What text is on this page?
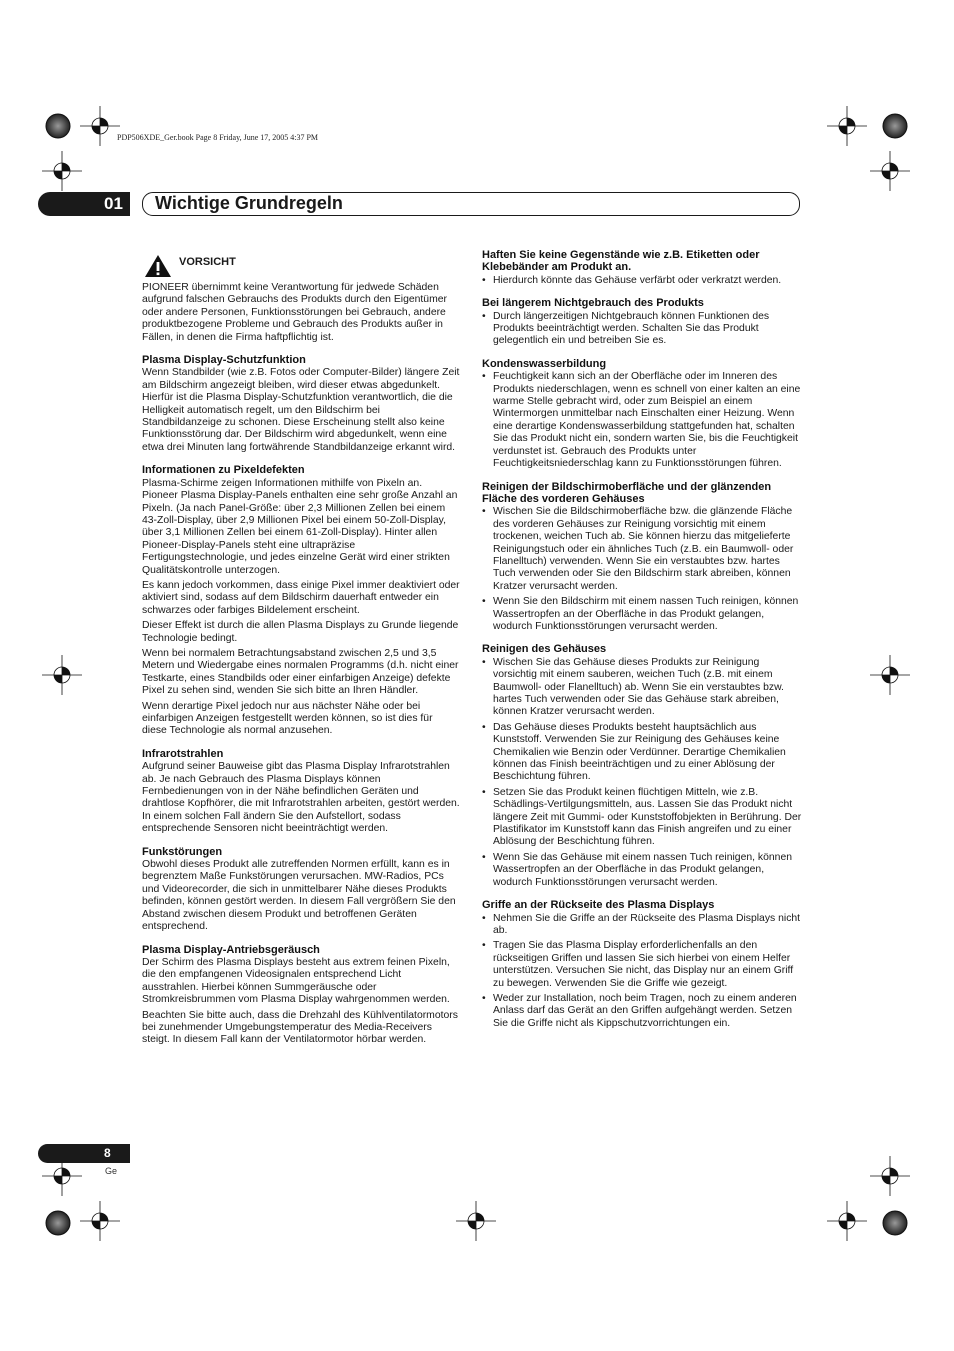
PDP506XDE_Ger.book Page 8 Friday, June 17, 2005 4:37 PM
01 Wichtige Grundregeln
VORSICHT
PIONEER übernimmt keine Verantwortung für jedwede Schäden aufgrund falschen Gebrauchs des Produkts durch den Eigentümer oder andere Personen, Funktionsstörungen bei Gebrauch, andere produktbezogene Probleme und Gebrauch des Produkts außer in Fällen, in denen die Firma haftpflichtig ist.
Plasma Display-Schutzfunktion
Wenn Standbilder (wie z.B. Fotos oder Computer-Bilder) längere Zeit am Bildschirm angezeigt bleiben, wird dieser etwas abgedunkelt. Hierfür ist die Plasma Display-Schutzfunktion verantwortlich, die die Helligkeit automatisch regelt, um den Bildschirm bei Standbildanzeige zu schonen. Diese Erscheinung stellt also keine Funktionsstörung dar. Der Bildschirm wird abgedunkelt, wenn eine etwa drei Minuten lang fortwährende Standbildanzeige erkannt wird.
Informationen zu Pixeldefekten
Plasma-Schirme zeigen Informationen mithilfe von Pixeln an. Pioneer Plasma Display-Panels enthalten eine sehr große Anzahl an Pixeln. (Ja nach Panel-Größe: über 2,3 Millionen Zellen bei einem 43-Zoll-Display, über 2,9 Millionen Pixel bei einem 50-Zoll-Display, über 3,1 Millionen Zellen bei einem 61-Zoll-Display). Hinter allen Pioneer-Display-Panels steht eine ultrapräzise Fertigungstechnologie, und jedes einzelne Gerät wird einer strikten Qualitätskontrolle unterzogen.
Es kann jedoch vorkommen, dass einige Pixel immer deaktiviert oder aktiviert sind, sodass auf dem Bildschirm dauerhaft entweder ein schwarzes oder farbiges Bildelement erscheint.
Dieser Effekt ist durch die allen Plasma Displays zu Grunde liegende Technologie bedingt.
Wenn bei normalem Betrachtungsabstand zwischen 2,5 und 3,5 Metern und Wiedergabe eines normalen Programms (d.h. nicht einer Testkarte, eines Standbilds oder einer einfarbigen Anzeige) defekte Pixel zu sehen sind, wenden Sie sich bitte an Ihren Händler.
Wenn derartige Pixel jedoch nur aus nächster Nähe oder bei einfarbigen Anzeigen festgestellt werden können, so ist dies für diese Technologie als normal anzusehen.
Infrarotstrahlen
Aufgrund seiner Bauweise gibt das Plasma Display Infrarotstrahlen ab. Je nach Gebrauch des Plasma Displays können Fernbedienungen von in der Nähe befindlichen Geräten und drahtlose Kopfhörer, die mit Infrarotstrahlen arbeiten, gestört werden. In einem solchen Fall ändern Sie den Aufstellort, sodass entsprechende Sensoren nicht beeinträchtigt werden.
Funkstörungen
Obwohl dieses Produkt alle zutreffenden Normen erfüllt, kann es in begrenztem Maße Funkstörungen verursachen. MW-Radios, PCs und Videorecorder, die sich in unmittelbarer Nähe dieses Produkts befinden, können gestört werden. In diesem Fall vergrößern Sie den Abstand zwischen diesem Produkt und betroffenen Geräten entsprechend.
Plasma Display-Antriebsgeräusch
Der Schirm des Plasma Displays besteht aus extrem feinen Pixeln, die den empfangenen Videosignalen entsprechend Licht ausstrahlen. Hierbei können Summgeräusche oder Stromkreisbrummen vom Plasma Display wahrgenommen werden.
Beachten Sie bitte auch, dass die Drehzahl des Kühlventilatormotors bei zunehmender Umgebungstemperatur des Media-Receivers steigt. In diesem Fall kann der Ventilatormotor hörbar werden.
Haften Sie keine Gegenstände wie z.B. Etiketten oder Klebebänder am Produkt an.
• Hierdurch könnte das Gehäuse verfärbt oder verkratzt werden.
Bei längerem Nichtgebrauch des Produkts
• Durch längerzeitigen Nichtgebrauch können Funktionen des Produkts beeinträchtigt werden. Schalten Sie das Produkt gelegentlich ein und betreiben Sie es.
Kondenswasserbildung
• Feuchtigkeit kann sich an der Oberfläche oder im Inneren des Produkts niederschlagen, wenn es schnell von einer kalten an eine warme Stelle gebracht wird, oder zum Beispiel an einem Wintermorgen unmittelbar nach Einschalten einer Heizung. Wenn eine derartige Kondenswasserbildung stattgefunden hat, schalten Sie das Produkt nicht ein, sondern warten Sie, bis die Feuchtigkeit verdunstet ist. Gebrauch des Produkts unter Feuchtigkeitsniederschlag kann zu Funktionsstörungen führen.
Reinigen der Bildschirmoberfläche und der glänzenden Fläche des vorderen Gehäuses
• Wischen Sie die Bildschirmoberfläche bzw. die glänzende Fläche des vorderen Gehäuses zur Reinigung vorsichtig mit einem trockenen, weichen Tuch ab. Sie können hierzu das mitgelieferte Reinigungstuch oder ein ähnliches Tuch (z.B. ein Baumwoll- oder Flanelltuch) verwenden. Wenn Sie ein verstaubtes bzw. hartes Tuch verwenden oder Sie den Bildschirm stark abreiben, können Kratzer verursacht werden.
• Wenn Sie den Bildschirm mit einem nassen Tuch reinigen, können Wassertropfen an der Oberfläche in das Produkt gelangen, wodurch Funktionsstörungen verursacht werden.
Reinigen des Gehäuses
• Wischen Sie das Gehäuse dieses Produkts zur Reinigung vorsichtig mit einem sauberen, weichen Tuch (z.B. mit einem Baumwoll- oder Flanelltuch) ab. Wenn Sie ein verstaubtes bzw. hartes Tuch verwenden oder Sie das Gehäuse stark abreiben, können Kratzer verursacht werden.
• Das Gehäuse dieses Produkts besteht hauptsächlich aus Kunststoff. Verwenden Sie zur Reinigung des Gehäuses keine Chemikalien wie Benzin oder Verdünner. Derartige Chemikalien können das Finish beeinträchtigen und zu einer Ablösung der Beschichtung führen.
• Setzen Sie das Produkt keinen flüchtigen Mitteln, wie z.B. Schädlings-Vertilgungsmitteln, aus. Lassen Sie das Produkt nicht längere Zeit mit Gummi- oder Kunststoffobjekten in Berührung. Der Plastifikator im Kunststoff kann das Finish angreifen und zu einer Ablösung der Beschichtung führen.
• Wenn Sie das Gehäuse mit einem nassen Tuch reinigen, können Wassertropfen an der Oberfläche in das Produkt gelangen, wodurch Funktionsstörungen verursacht werden.
Griffe an der Rückseite des Plasma Displays
• Nehmen Sie die Griffe an der Rückseite des Plasma Displays nicht ab.
• Tragen Sie das Plasma Display erforderlichenfalls an den rückseitigen Griffen und lassen Sie sich hierbei von einem Helfer unterstützen. Versuchen Sie nicht, das Display nur an einem Griff zu bewegen. Verwenden Sie die Griffe wie gezeigt.
• Weder zur Installation, noch beim Tragen, noch zu einem anderen Anlass darf das Gerät an den Griffen aufgehängt werden. Setzen Sie die Griffe nicht als Kippschutzvorrichtungen ein.
8
Ge
